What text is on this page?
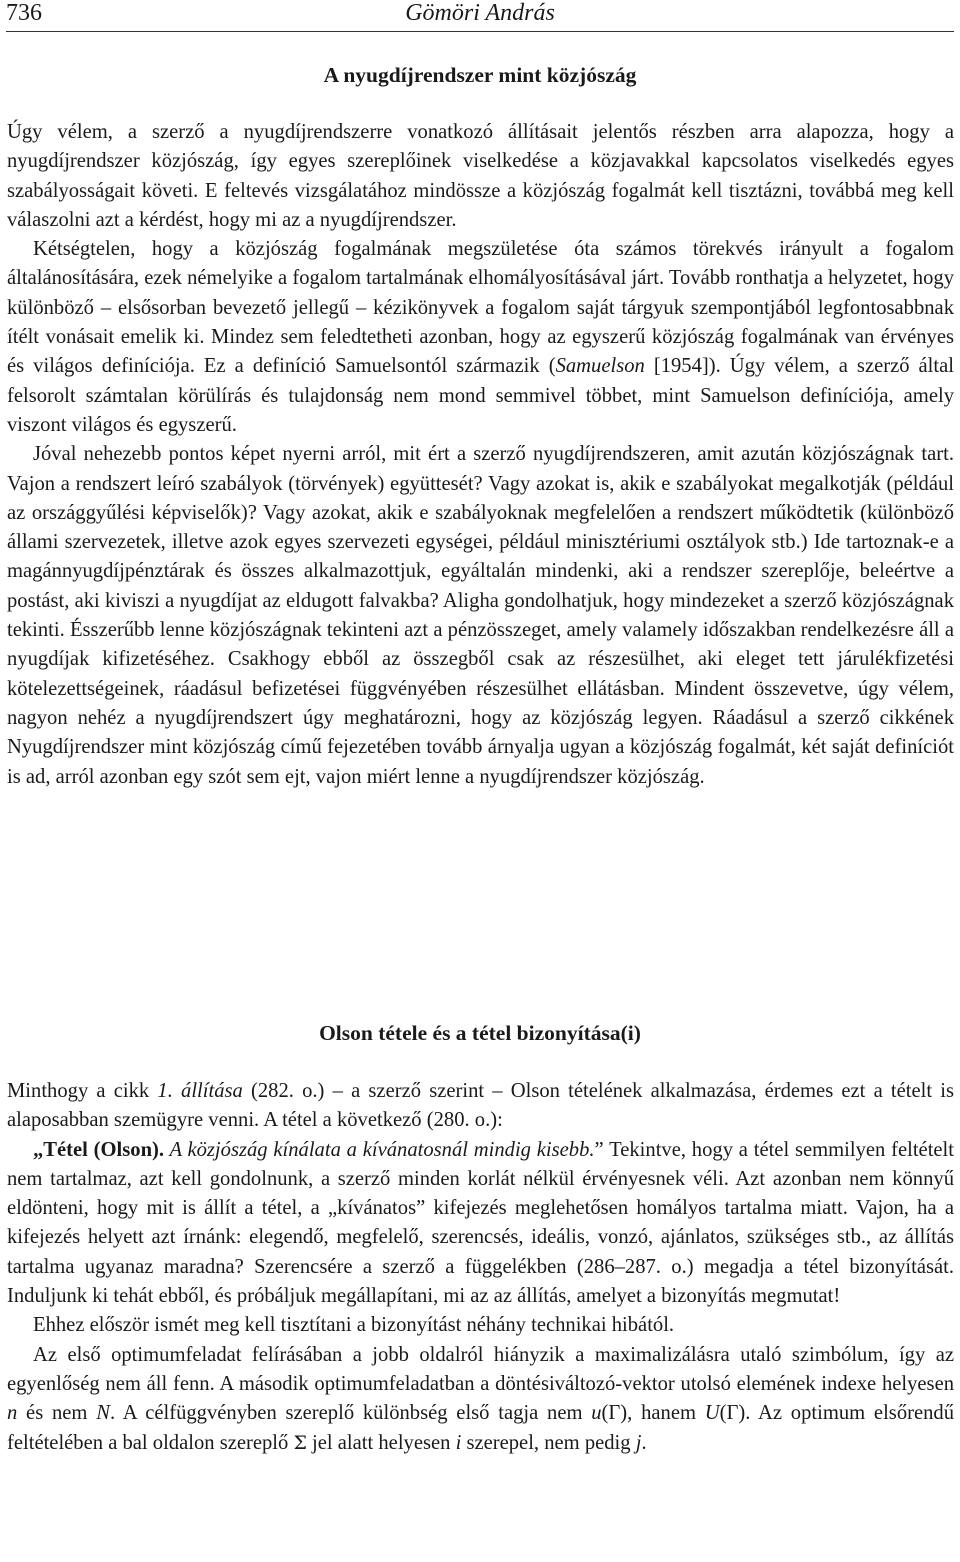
736	Gömöri András
A nyugdíjrendszer mint közjószág

Úgy vélem, a szerző a nyugdíjrendszerre vonatkozó állításait jelentős részben arra alapozza, hogy a nyugdíjrendszer közjószág, így egyes szereplőinek viselkedése a közjavakkal kapcsolatos viselkedés egyes szabályosságait követi. E feltevés vizsgálatához mindössze a közjószág fogalmát kell tisztázni, továbbá meg kell válaszolni azt a kérdést, hogy mi az a nyugdíjrendszer.

Kétségtelen, hogy a közjószág fogalmának megszületése óta számos törekvés irányult a fogalom általánosítására, ezek némelyike a fogalom tartalmának elhomályosításával járt. Tovább ronthatja a helyzetet, hogy különböző – elsősorban bevezető jellegű – kézikönyvek a fogalom saját tárgyuk szempontjából legfontosabbnak ítélt vonásait emelik ki. Mindez sem feledtetheti azonban, hogy az egyszerű közjószág fogalmának van érvényes és világos definíciója. Ez a definíció Samuelsontól származik (Samuelson [1954]). Úgy vélem, a szerző által felsorolt számtalan körülírás és tulajdonság nem mond semmivel többet, mint Samuelson definíciója, amely viszont világos és egyszerű.

Jóval nehezebb pontos képet nyerni arról, mit ért a szerző nyugdíjrendszeren, amit azután közjószágnak tart. Vajon a rendszert leíró szabályok (törvények) együttesét? Vagy azokat is, akik e szabályokat megalkotják (például az országgyűlési képviselők)? Vagy azokat, akik e szabályoknak megfelelően a rendszert működtetik (különböző állami szervezetek, illetve azok egyes szervezeti egységei, például minisztériumi osztályok stb.) Ide tartoznak-e a magánnyugdíjpénztárak és összes alkalmazottjuk, egyáltalán mindenki, aki a rendszer szereplője, beleértve a postást, aki kiviszi a nyugdíjat az eldugott falvakba? Aligha gondolhatjuk, hogy mindezeket a szerző közjószágnak tekinti. Ésszerűbb lenne közjószágnak tekinteni azt a pénzösszeget, amely valamely időszakban rendelkezésre áll a nyugdíjak kifizetéséhez. Csakhogy ebből az összegből csak az részesülhet, aki eleget tett járulékfizetési kötelezettségeinek, ráadásul befizetései függvényében részesülhet ellátásban. Mindent összevetve, úgy vélem, nagyon nehéz a nyugdíjrendszert úgy meghatározni, hogy az közjószág legyen. Ráadásul a szerző cikkének Nyugdíjrendszer mint közjószág című fejezetében tovább árnyalja ugyan a közjószág fogalmát, két saját definíciót is ad, arról azonban egy szót sem ejt, vajon miért lenne a nyugdíjrendszer közjószág.

Olson tétele és a tétel bizonyítása(i)

Minthogy a cikk 1. állítása (282. o.) – a szerző szerint – Olson tételének alkalmazása, érdemes ezt a tételt is alaposabban szemügyre venni. A tétel a következő (280. o.):

„Tétel (Olson). A közjószág kínálata a kívánatosnál mindig kisebb.” Tekintve, hogy a tétel semmilyen feltételt nem tartalmaz, azt kell gondolnunk, a szerző minden korlát nélkül érvényesnek véli. Azt azonban nem könnyű eldönteni, hogy mit is állít a tétel, a „kívánatos” kifejezés meglehetősen homályos tartalma miatt. Vajon, ha a kifejezés helyett azt írnánk: elegendő, megfelelő, szerencsés, ideális, vonzó, ajánlatos, szükséges stb., az állítás tartalma ugyanaz maradna? Szerencsére a szerző a függelékben (286–287. o.) megadja a tétel bizonyítását. Induljunk ki tehát ebből, és próbáljuk megállapítani, mi az az állítás, amelyet a bizonyítás megmutat!

Ehhez először ismét meg kell tisztítani a bizonyítást néhány technikai hibától.

Az első optimumfeladat felírásában a jobb oldalról hiányzik a maximalizálásra utaló szimbólum, így az egyenlőség nem áll fenn. A második optimumfeladatban a döntésiváltozó-vektor utolsó elemének indexe helyesen n és nem N. A célfüggvényben szereplő különbség első tagja nem u(Γ), hanem U(Γ). Az optimum elsőrendű feltételében a bal oldalon szereplő Σ jel alatt helyesen i szerepel, nem pedig j.
